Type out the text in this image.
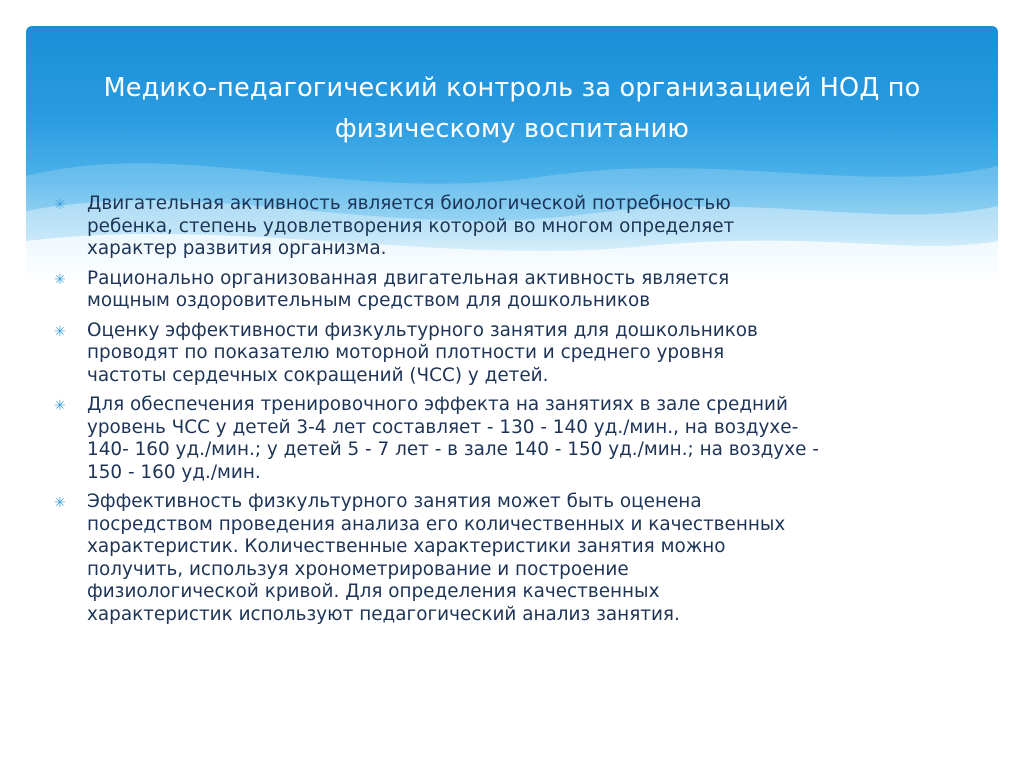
Медико-педагогический контроль за организацией НОД по
физическому воспитанию
✳ Двигательная активность является биологической потребностью
ребенка, степень удовлетворения которой во многом определяет
характер развития организма.
✳ Рационально организованная двигательная активность является
мощным оздоровительным средством для дошкольников
✳ Оценку эффективности физкультурного занятия для дошкольников
проводят по показателю моторной плотности и среднего уровня
частоты сердечных сокращений (ЧСС) у детей.
✳ Для обеспечения тренировочного эффекта на занятиях в зале средний
уровень ЧСС у детей 3-4 лет составляет - 130 - 140 уд./мин., на воздухе-
140- 160 уд./мин.; у детей 5 - 7 лет - в зале 140 - 150 уд./мин.; на воздухе -
150 - 160 уд./мин.
✳ Эффективность физкультурного занятия может быть оценена
посредством проведения анализа его количественных и качественных
характеристик. Количественные характеристики занятия можно
получить, используя хронометрирование и построение
физиологической кривой. Для определения качественных
характеристик используют педагогический анализ занятия.
